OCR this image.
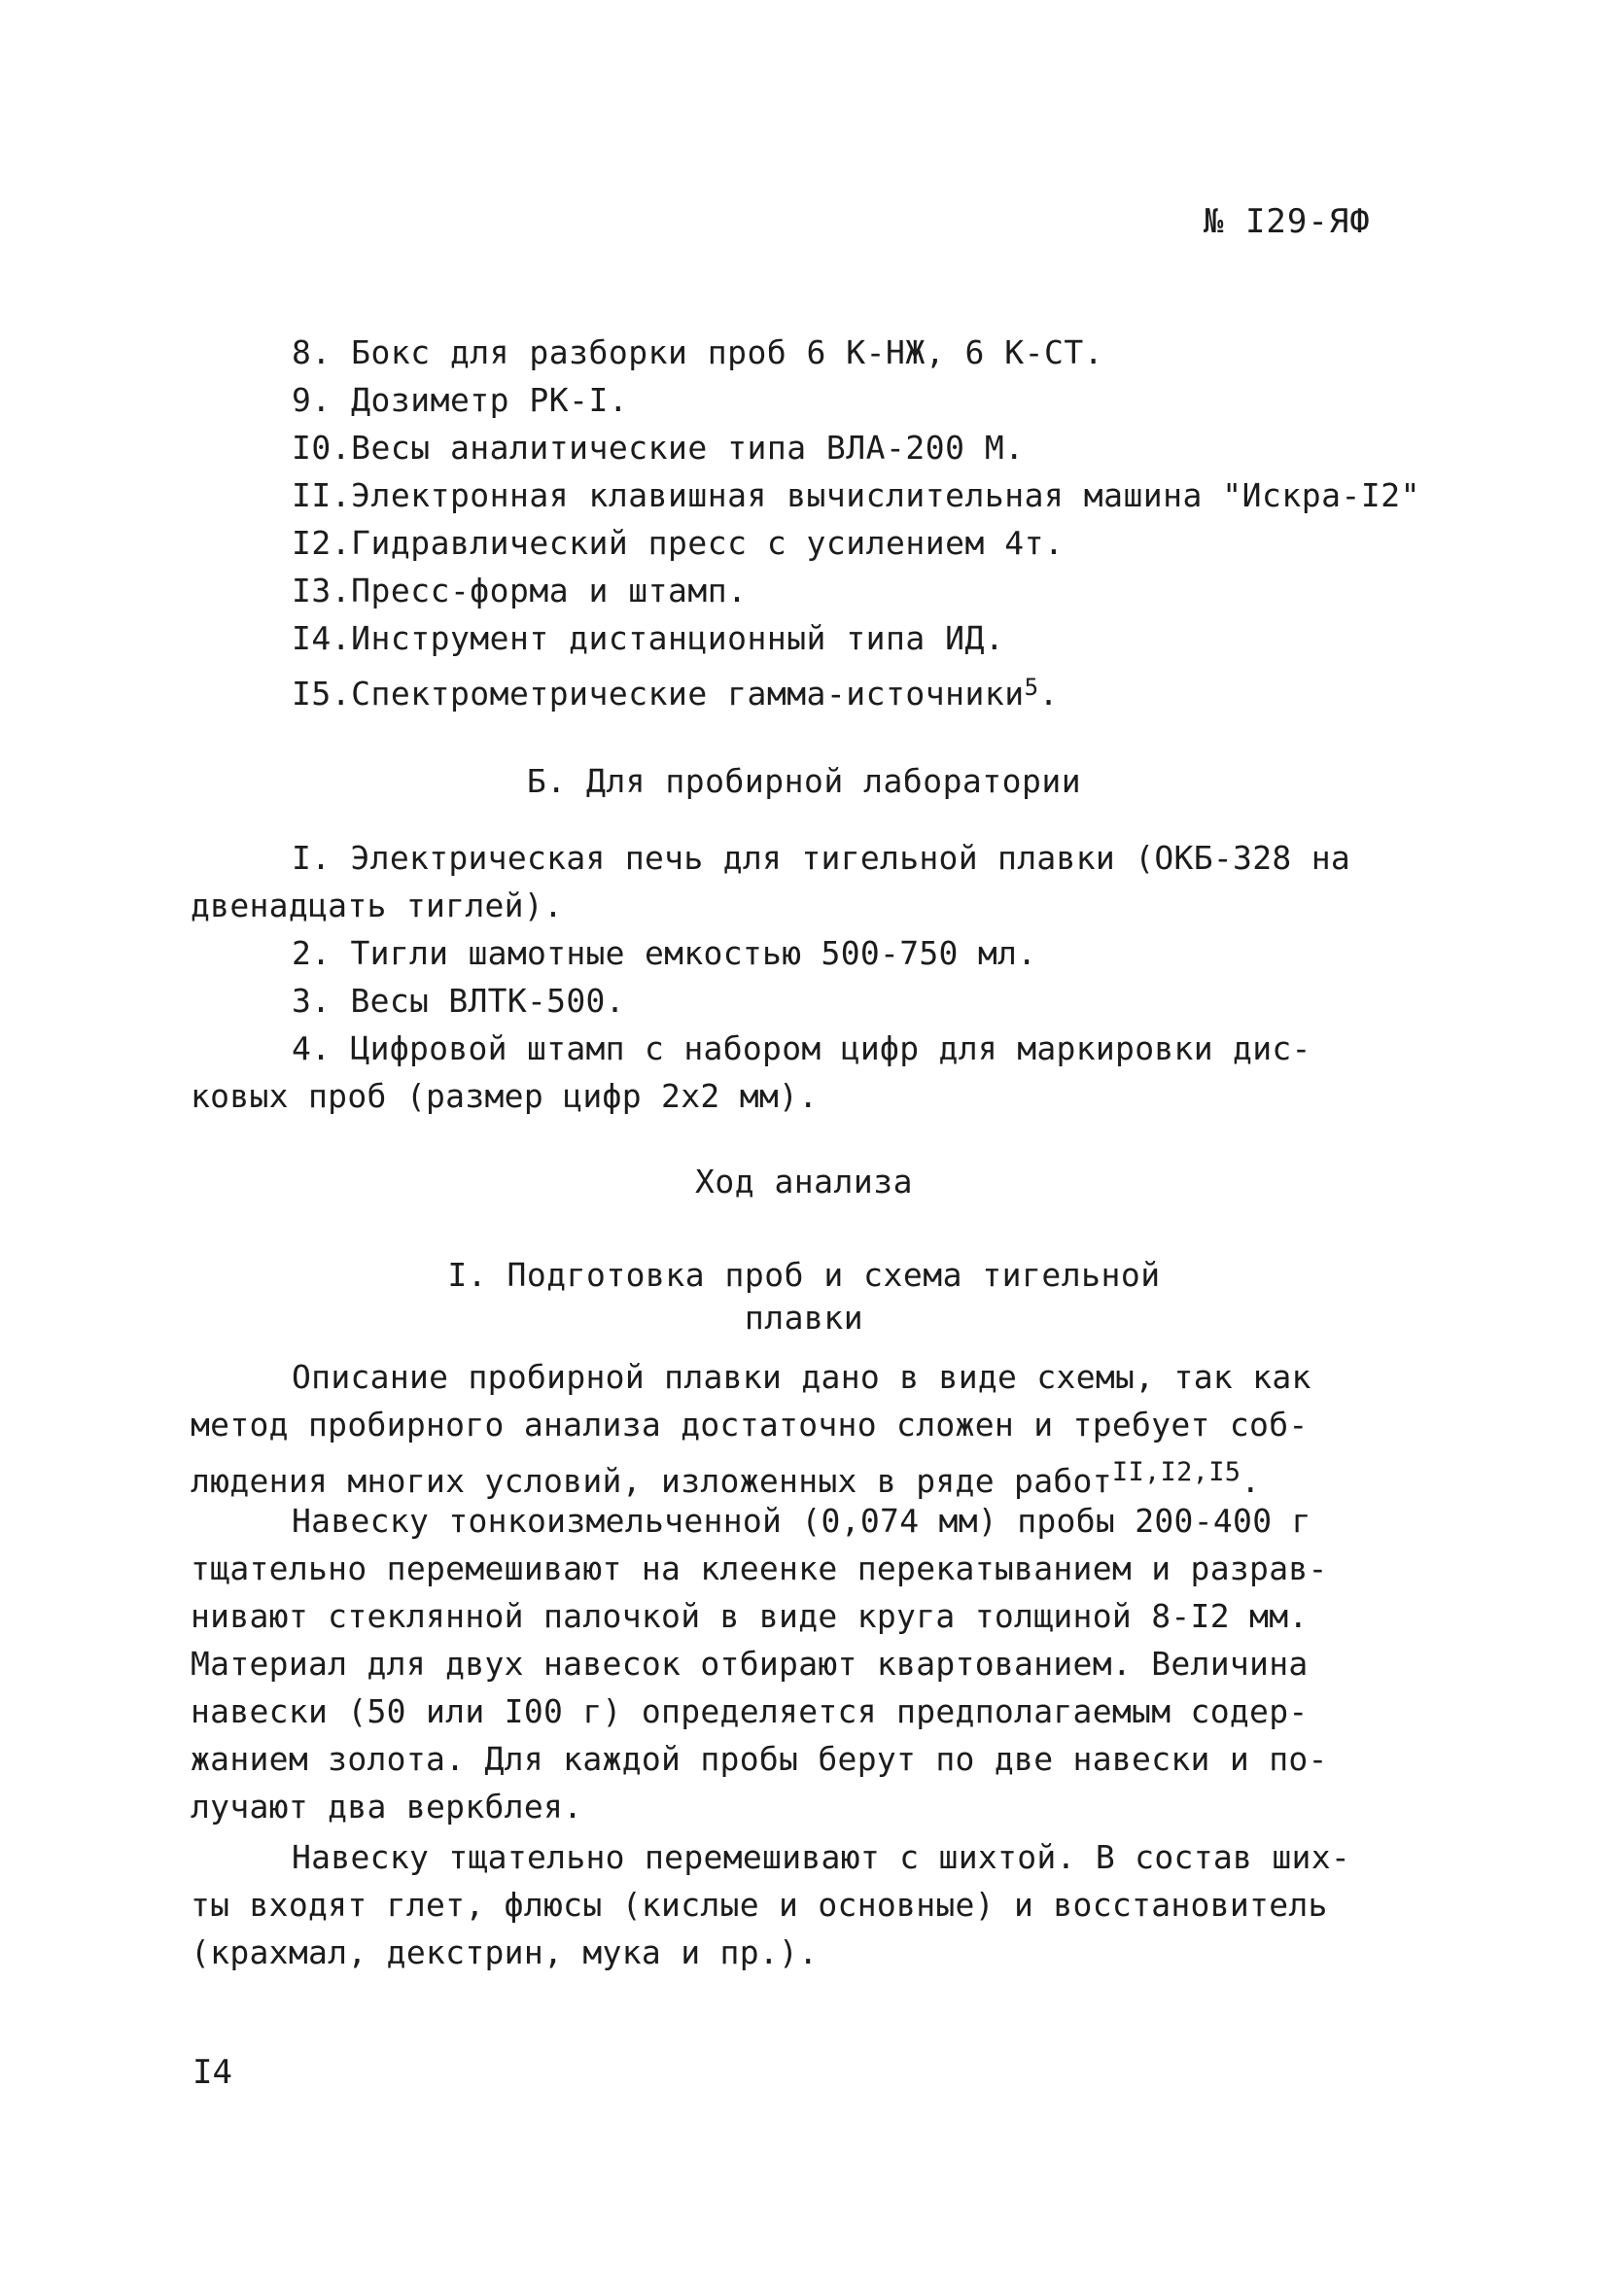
№ I29-ЯФ
8. Бокс для разборки проб 6 К-НЖ, 6 К-СТ.
9. Дозиметр РК-I.
I0.Весы аналитические типа ВЛА-200 М.
II.Электронная клавишная вычислительная машина "Искра-I2"
I2.Гидравлический пресс с усилением 4т.
I3.Пресс-форма и штамп.
I4.Инструмент дистанционный типа ИД.
I5.Спектрометрические гамма-источники$^5$.
Б. Для пробирной лаборатории
I. Электрическая печь для тигельной плавки (ОКБ-328 на
двенадцать тиглей).
2. Тигли шамотные емкостью 500-750 мл.
3. Весы ВЛТК-500.
4. Цифровой штамп с набором цифр для маркировки дис-
ковых проб (размер цифр 2х2 мм).
Ход анализа
I. Подготовка проб и схема тигельной
плавки
Описание пробирной плавки дано в виде схемы, так как
метод пробирного анализа достаточно сложен и требует соб-
людения многих условий, изложенных в ряде работ$^{II,I2,I5}$.
Навеску тонкоизмельченной (0,074 мм) пробы 200-400 г
тщательно перемешивают на клеенке перекатыванием и разрав-
нивают стеклянной палочкой в виде круга толщиной 8-I2 мм.
Материал для двух навесок отбирают квартованием. Величина
навески (50 или I00 г) определяется предполагаемым содер-
жанием золота. Для каждой пробы берут по две навески и по-
лучают два веркблея.
Навеску тщательно перемешивают с шихтой. В состав ших-
ты входят глет, флюсы (кислые и основные) и восстановитель
(крахмал, декстрин, мука и пр.).
I4
